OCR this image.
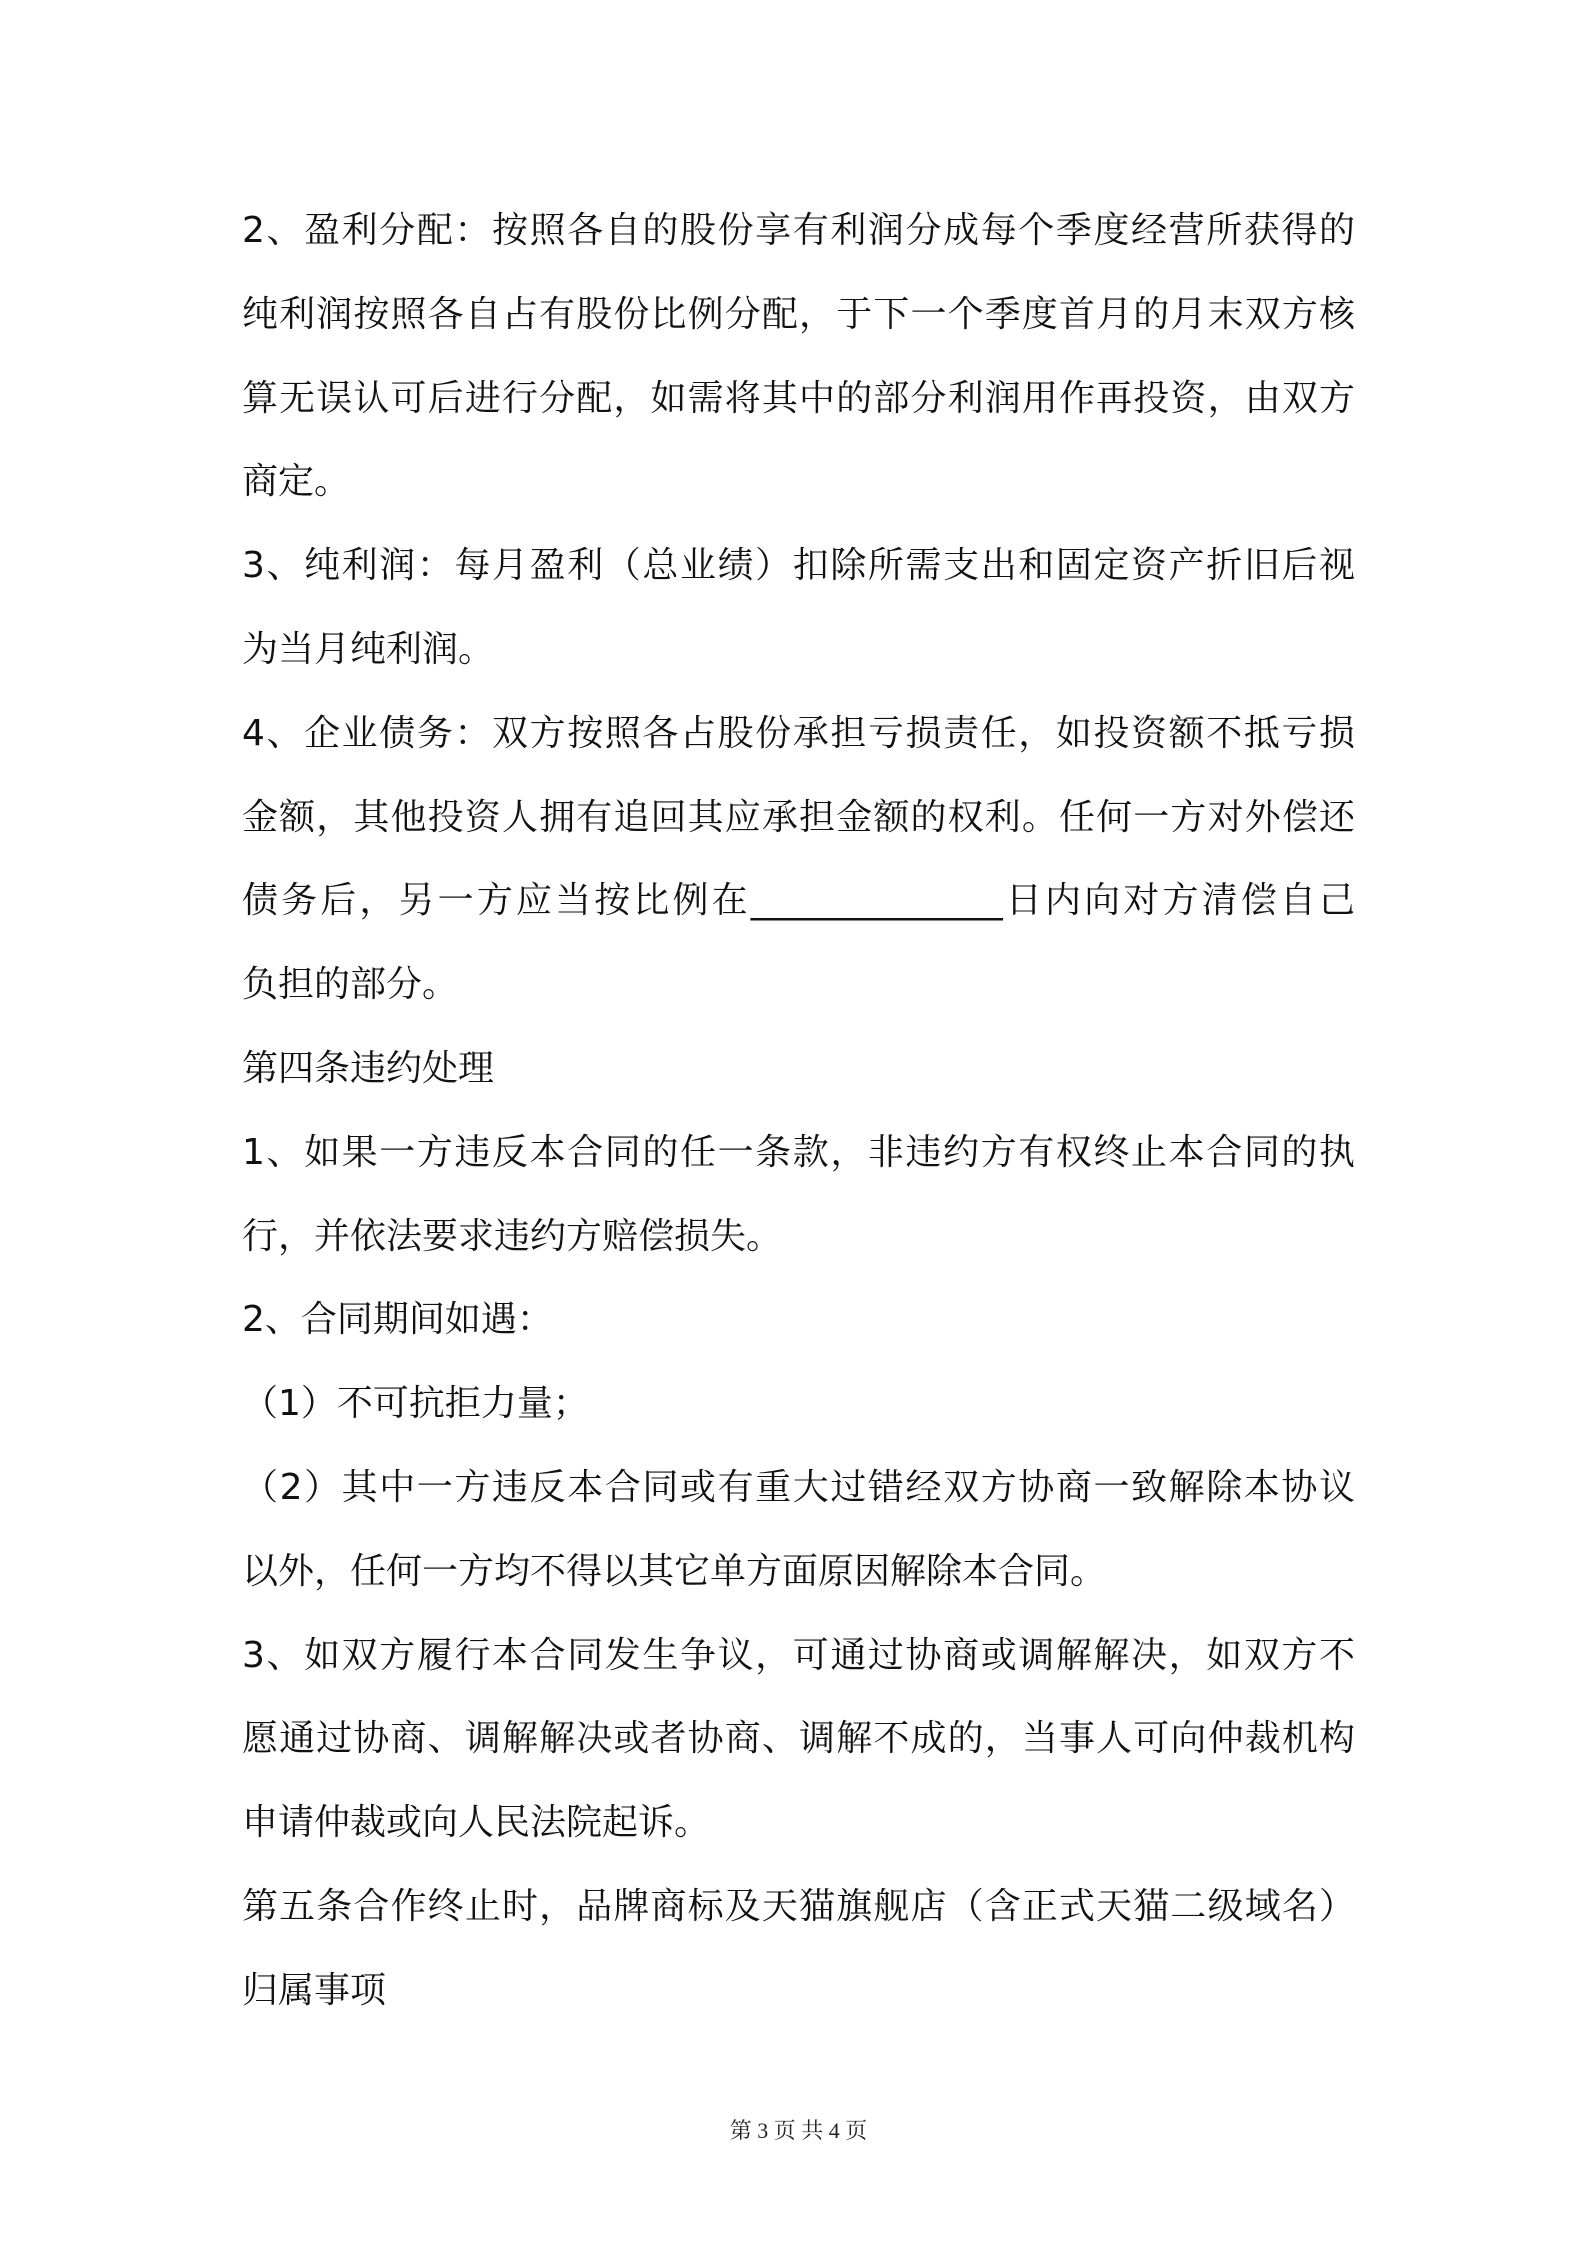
2、盈利分配：按照各自的股份享有利润分成每个季度经营所获得的
纯利润按照各自占有股份比例分配，于下一个季度首月的月末双方核
算无误认可后进行分配，如需将其中的部分利润用作再投资，由双方
商定。
3、纯利润：每月盈利（总业绩）扣除所需支出和固定资产折旧后视
为当月纯利润。
4、企业债务：双方按照各占股份承担亏损责任，如投资额不抵亏损
金额，其他投资人拥有追回其应承担金额的权利。任何一方对外偿还
债务后，另一方应当按比例在______________日内向对方清偿自己
负担的部分。
第四条违约处理
1、如果一方违反本合同的任一条款，非违约方有权终止本合同的执
行，并依法要求违约方赔偿损失。
2、合同期间如遇：
（1）不可抗拒力量；
（2）其中一方违反本合同或有重大过错经双方协商一致解除本协议
以外，任何一方均不得以其它单方面原因解除本合同。
3、如双方履行本合同发生争议，可通过协商或调解解决，如双方不
愿通过协商、调解解决或者协商、调解不成的，当事人可向仲裁机构
申请仲裁或向人民法院起诉。
第五条合作终止时，品牌商标及天猫旗舰店（含正式天猫二级域名）
归属事项
第 3 页 共 4 页
